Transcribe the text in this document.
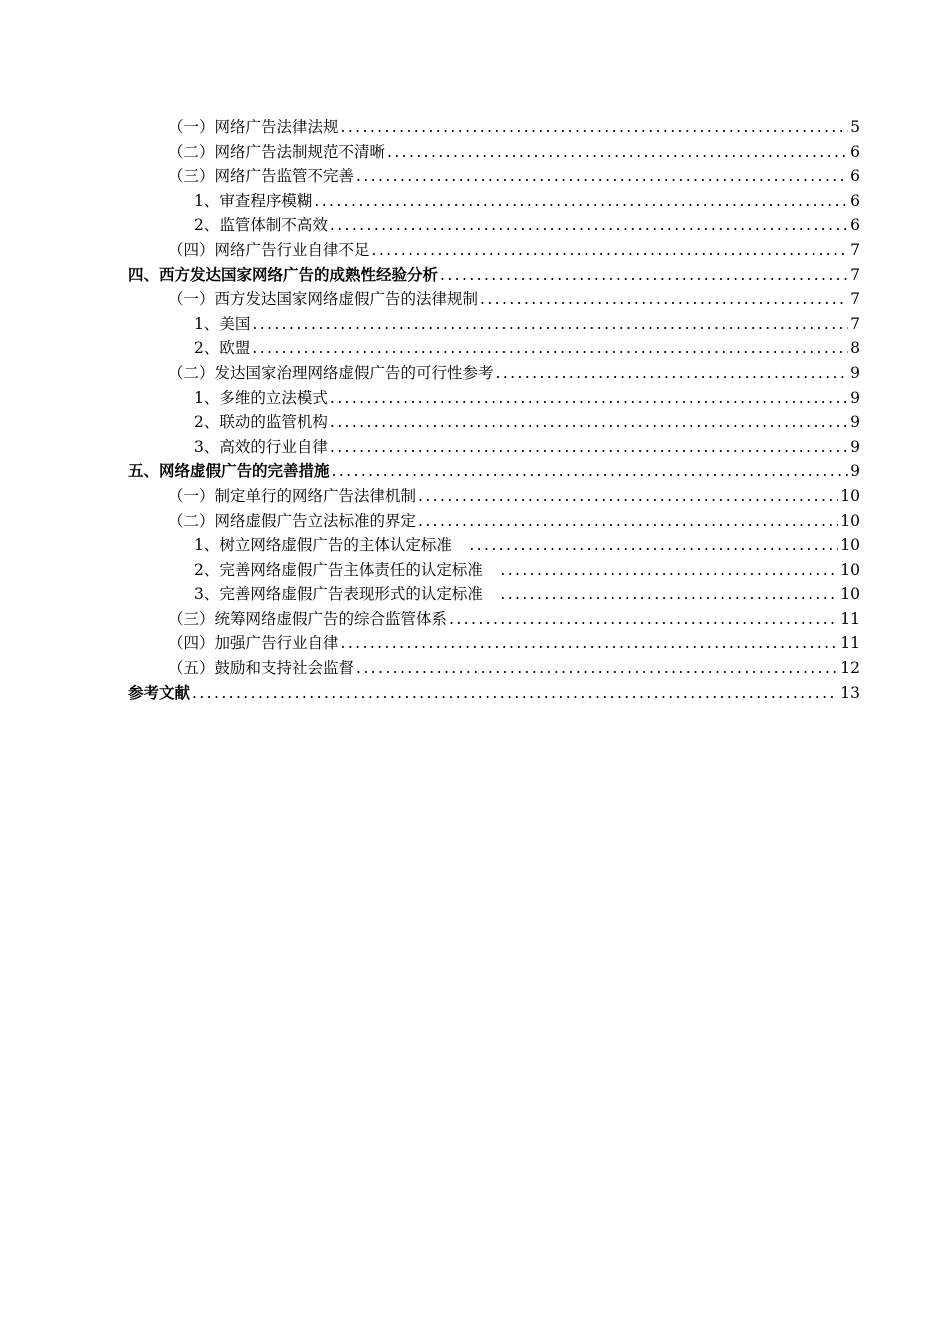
（一）网络广告法律法规 .....	5
（二）网络广告法制规范不清晰 .....	6
（三）网络广告监管不完善 .....	6
1、审查程序模糊 .....	6
2、监管体制不高效 .....	6
（四）网络广告行业自律不足 .....	7
四、西方发达国家网络广告的成熟性经验分析 .....	7
（一）西方发达国家网络虚假广告的法律规制 .....	7
1、美国 .....	7
2、欧盟 .....	8
（二）发达国家治理网络虚假广告的可行性参考 .....	9
1、多维的立法模式 .....	9
2、联动的监管机构 .....	9
3、高效的行业自律 .....	9
五、网络虚假广告的完善措施 .....	9
（一）制定单行的网络广告法律机制 .....	10
（二）网络虚假广告立法标准的界定 .....	10
1、树立网络虚假广告的主体认定标准　 .....	10
2、完善网络虚假广告主体责任的认定标准　 .....	10
3、完善网络虚假广告表现形式的认定标准　 .....	10
（三）统筹网络虚假广告的综合监管体系 .....	11
（四）加强广告行业自律 .....	11
（五）鼓励和支持社会监督 .....	12
参考文献 .....	13
